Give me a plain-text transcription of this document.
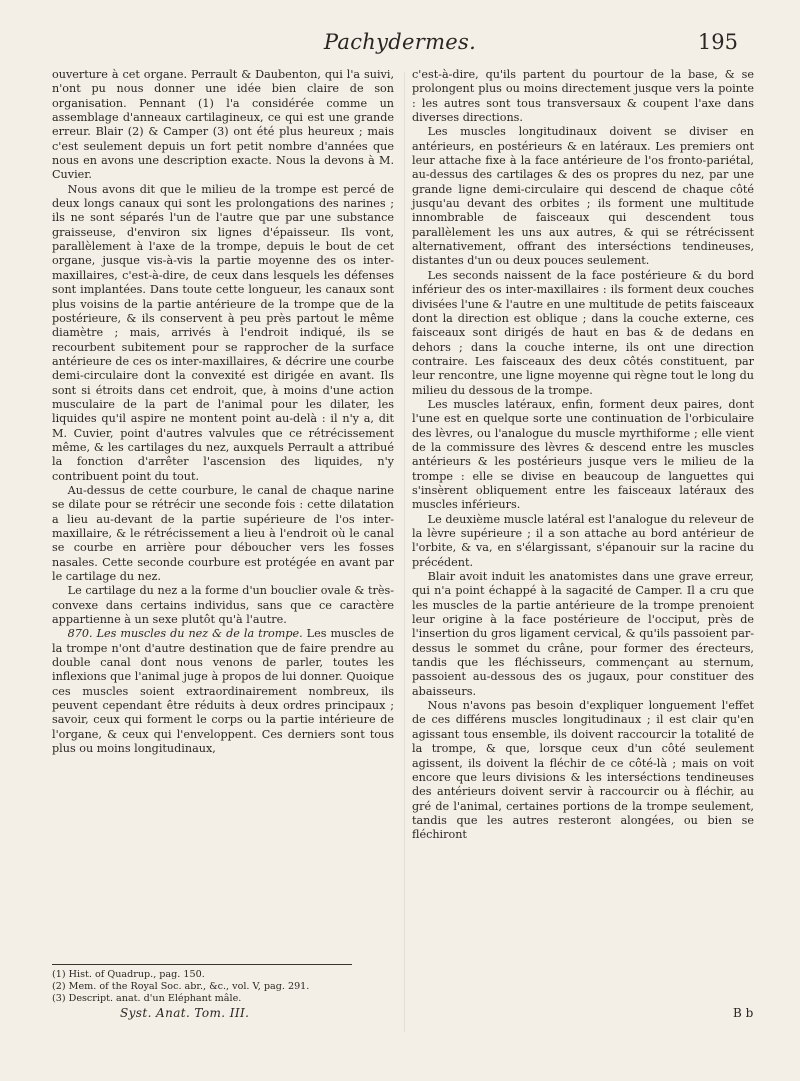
Pachydermes.	195

ouverture à cet organe. Perrault & Daubenton, qui l'a suivi, n'ont pu nous donner une idée bien claire de son organisation. Pennant (1) l'a considérée comme un assemblage d'anneaux cartilagineux, ce qui est une grande erreur. Blair (2) & Camper (3) ont été plus heureux ; mais c'est seulement depuis un fort petit nombre d'années que nous en avons une description exacte. Nous la devons à M. Cuvier.

Nous avons dit que le milieu de la trompe est percé de deux longs canaux qui sont les prolongations des narines ; ils ne sont séparés l'un de l'autre que par une substance graisseuse, d'environ six lignes d'épaisseur. Ils vont, parallèlement à l'axe de la trompe, depuis le bout de cet organe, jusque vis-à-vis la partie moyenne des os inter-maxillaires, c'est-à-dire, de ceux dans lesquels les défenses sont implantées. Dans toute cette longueur, les canaux sont plus voisins de la partie antérieure de la trompe que de la postérieure, & ils conservent à peu près partout le même diamètre ; mais, arrivés à l'endroit indiqué, ils se recourbent subitement pour se rapprocher de la surface antérieure de ces os inter-maxillaires, & décrire une courbe demi-circulaire dont la convexité est dirigée en avant. Ils sont si étroits dans cet endroit, que, à moins d'une action musculaire de la part de l'animal pour les dilater, les liquides qu'il aspire ne montent point au-delà : il n'y a, dit M. Cuvier, point d'autres valvules que ce rétrécissement même, & les cartilages du nez, auxquels Perrault a attribué la fonction d'arrêter l'ascension des liquides, n'y contribuent point du tout.

Au-dessus de cette courbure, le canal de chaque narine se dilate pour se rétrécir une seconde fois : cette dilatation a lieu au-devant de la partie supérieure de l'os inter-maxillaire, & le rétrécissement a lieu à l'endroit où le canal se courbe en arrière pour déboucher vers les fosses nasales. Cette seconde courbure est protégée en avant par le cartilage du nez.

Le cartilage du nez a la forme d'un bouclier ovale & très-convexe dans certains individus, sans que ce caractère appartienne à un sexe plutôt qu'à l'autre.

870. Les muscles du nez & de la trompe. Les muscles de la trompe n'ont d'autre destination que de faire prendre au double canal dont nous venons de parler, toutes les inflexions que l'animal juge à propos de lui donner. Quoique ces muscles soient extraordinairement nombreux, ils peuvent cependant être réduits à deux ordres principaux ; savoir, ceux qui forment le corps ou la partie intérieure de l'organe, & ceux qui l'enveloppent. Ces derniers sont tous plus ou moins longitudinaux,

(1) Hist. of Quadrup., pag. 150.

(2) Mem. of the Royal Soc. abr., &c., vol. V, pag. 291.

(3) Descript. anat. d'un Eléphant mâle.

Syst. Anat. Tom. III.	B b

c'est-à-dire, qu'ils partent du pourtour de la base, & se prolongent plus ou moins directement jusque vers la pointe : les autres sont tous transversaux & coupent l'axe dans diverses directions.

Les muscles longitudinaux doivent se diviser en antérieurs, en postérieurs & en latéraux. Les premiers ont leur attache fixe à la face antérieure de l'os fronto-pariétal, au-dessus des cartilages & des os propres du nez, par une grande ligne demi-circulaire qui descend de chaque côté jusqu'au devant des orbites ; ils forment une multitude innombrable de faisceaux qui descendent tous parallèlement les uns aux autres, & qui se rétrécissent alternativement, offrant des interséctions tendineuses, distantes d'un ou deux pouces seulement.

Les seconds naissent de la face postérieure & du bord inférieur des os inter-maxillaires : ils forment deux couches divisées l'une & l'autre en une multitude de petits faisceaux dont la direction est oblique ; dans la couche externe, ces faisceaux sont dirigés de haut en bas & de dedans en dehors ; dans la couche interne, ils ont une direction contraire. Les faisceaux des deux côtés constituent, par leur rencontre, une ligne moyenne qui règne tout le long du milieu du dessous de la trompe.

Les muscles latéraux, enfin, forment deux paires, dont l'une est en quelque sorte une continuation de l'orbiculaire des lèvres, ou l'analogue du muscle myrthiforme ; elle vient de la commissure des lèvres & descend entre les muscles antérieurs & les postérieurs jusque vers le milieu de la trompe : elle se divise en beaucoup de languettes qui s'insèrent obliquement entre les faisceaux latéraux des muscles inférieurs.

Le deuxième muscle latéral est l'analogue du releveur de la lèvre supérieure ; il a son attache au bord antérieur de l'orbite, & va, en s'élargissant, s'épanouir sur la racine du précédent.

Blair avoit induit les anatomistes dans une grave erreur, qui n'a point échappé à la sagacité de Camper. Il a cru que les muscles de la partie antérieure de la trompe prenoient leur origine à la face postérieure de l'occiput, près de l'insertion du gros ligament cervical, & qu'ils passoient par-dessus le sommet du crâne, pour former des érecteurs, tandis que les fléchisseurs, commençant au sternum, passoient au-dessous des os jugaux, pour constituer des abaisseurs.

Nous n'avons pas besoin d'expliquer longuement l'effet de ces différens muscles longitudinaux ; il est clair qu'en agissant tous ensemble, ils doivent raccourcir la totalité de la trompe, & que, lorsque ceux d'un côté seulement agissent, ils doivent la fléchir de ce côté-là ; mais on voit encore que leurs divisions & les interséctions tendineuses des antérieurs doivent servir à raccourcir ou à fléchir, au gré de l'animal, certaines portions de la trompe seulement, tandis que les autres resteront alongées, ou bien se fléchiront
